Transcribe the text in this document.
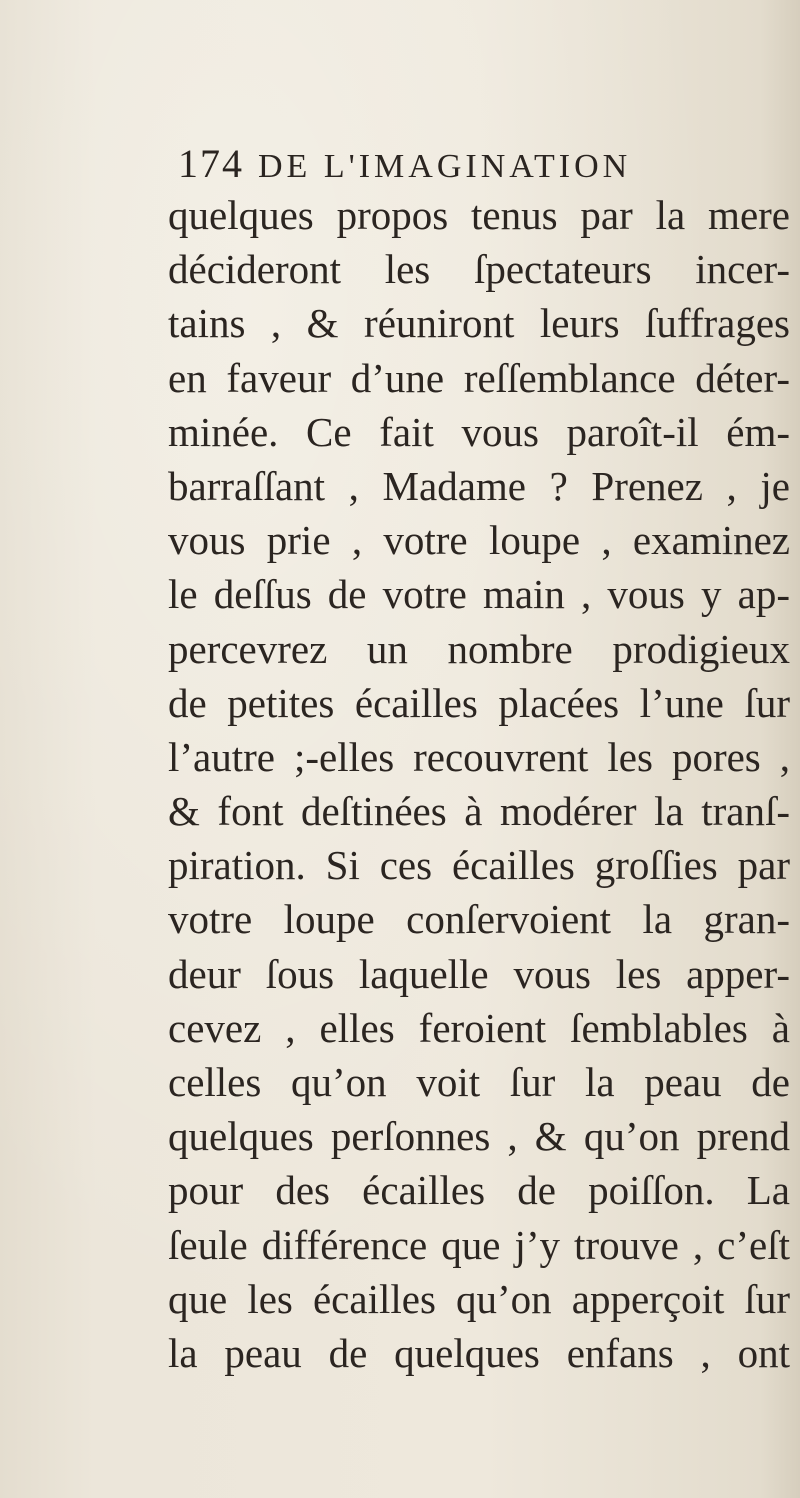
174 DE L'IMAGINATION
quelques propos tenus par la mere
décideront les ſpectateurs incer-
tains , & réuniront leurs ſuffrages
en faveur d’une reſſemblance déter-
minée. Ce fait vous paroît-il ém-
barraſſant , Madame ? Prenez , je
vous prie , votre loupe , examinez
le deſſus de votre main , vous y ap-
percevrez un nombre prodigieux
de petites écailles placées l’une ſur
l’autre ;-elles recouvrent les pores ,
& font deſtinées à modérer la tranſ-
piration. Si ces écailles groſſies par
votre loupe conſervoient la gran-
deur ſous laquelle vous les apper-
cevez , elles feroient ſemblables à
celles qu’on voit ſur la peau de
quelques perſonnes , & qu’on prend
pour des écailles de poiſſon. La
ſeule différence que j’y trouve , c’eſt
que les écailles qu’on apperçoit ſur
la peau de quelques enfans , ont
